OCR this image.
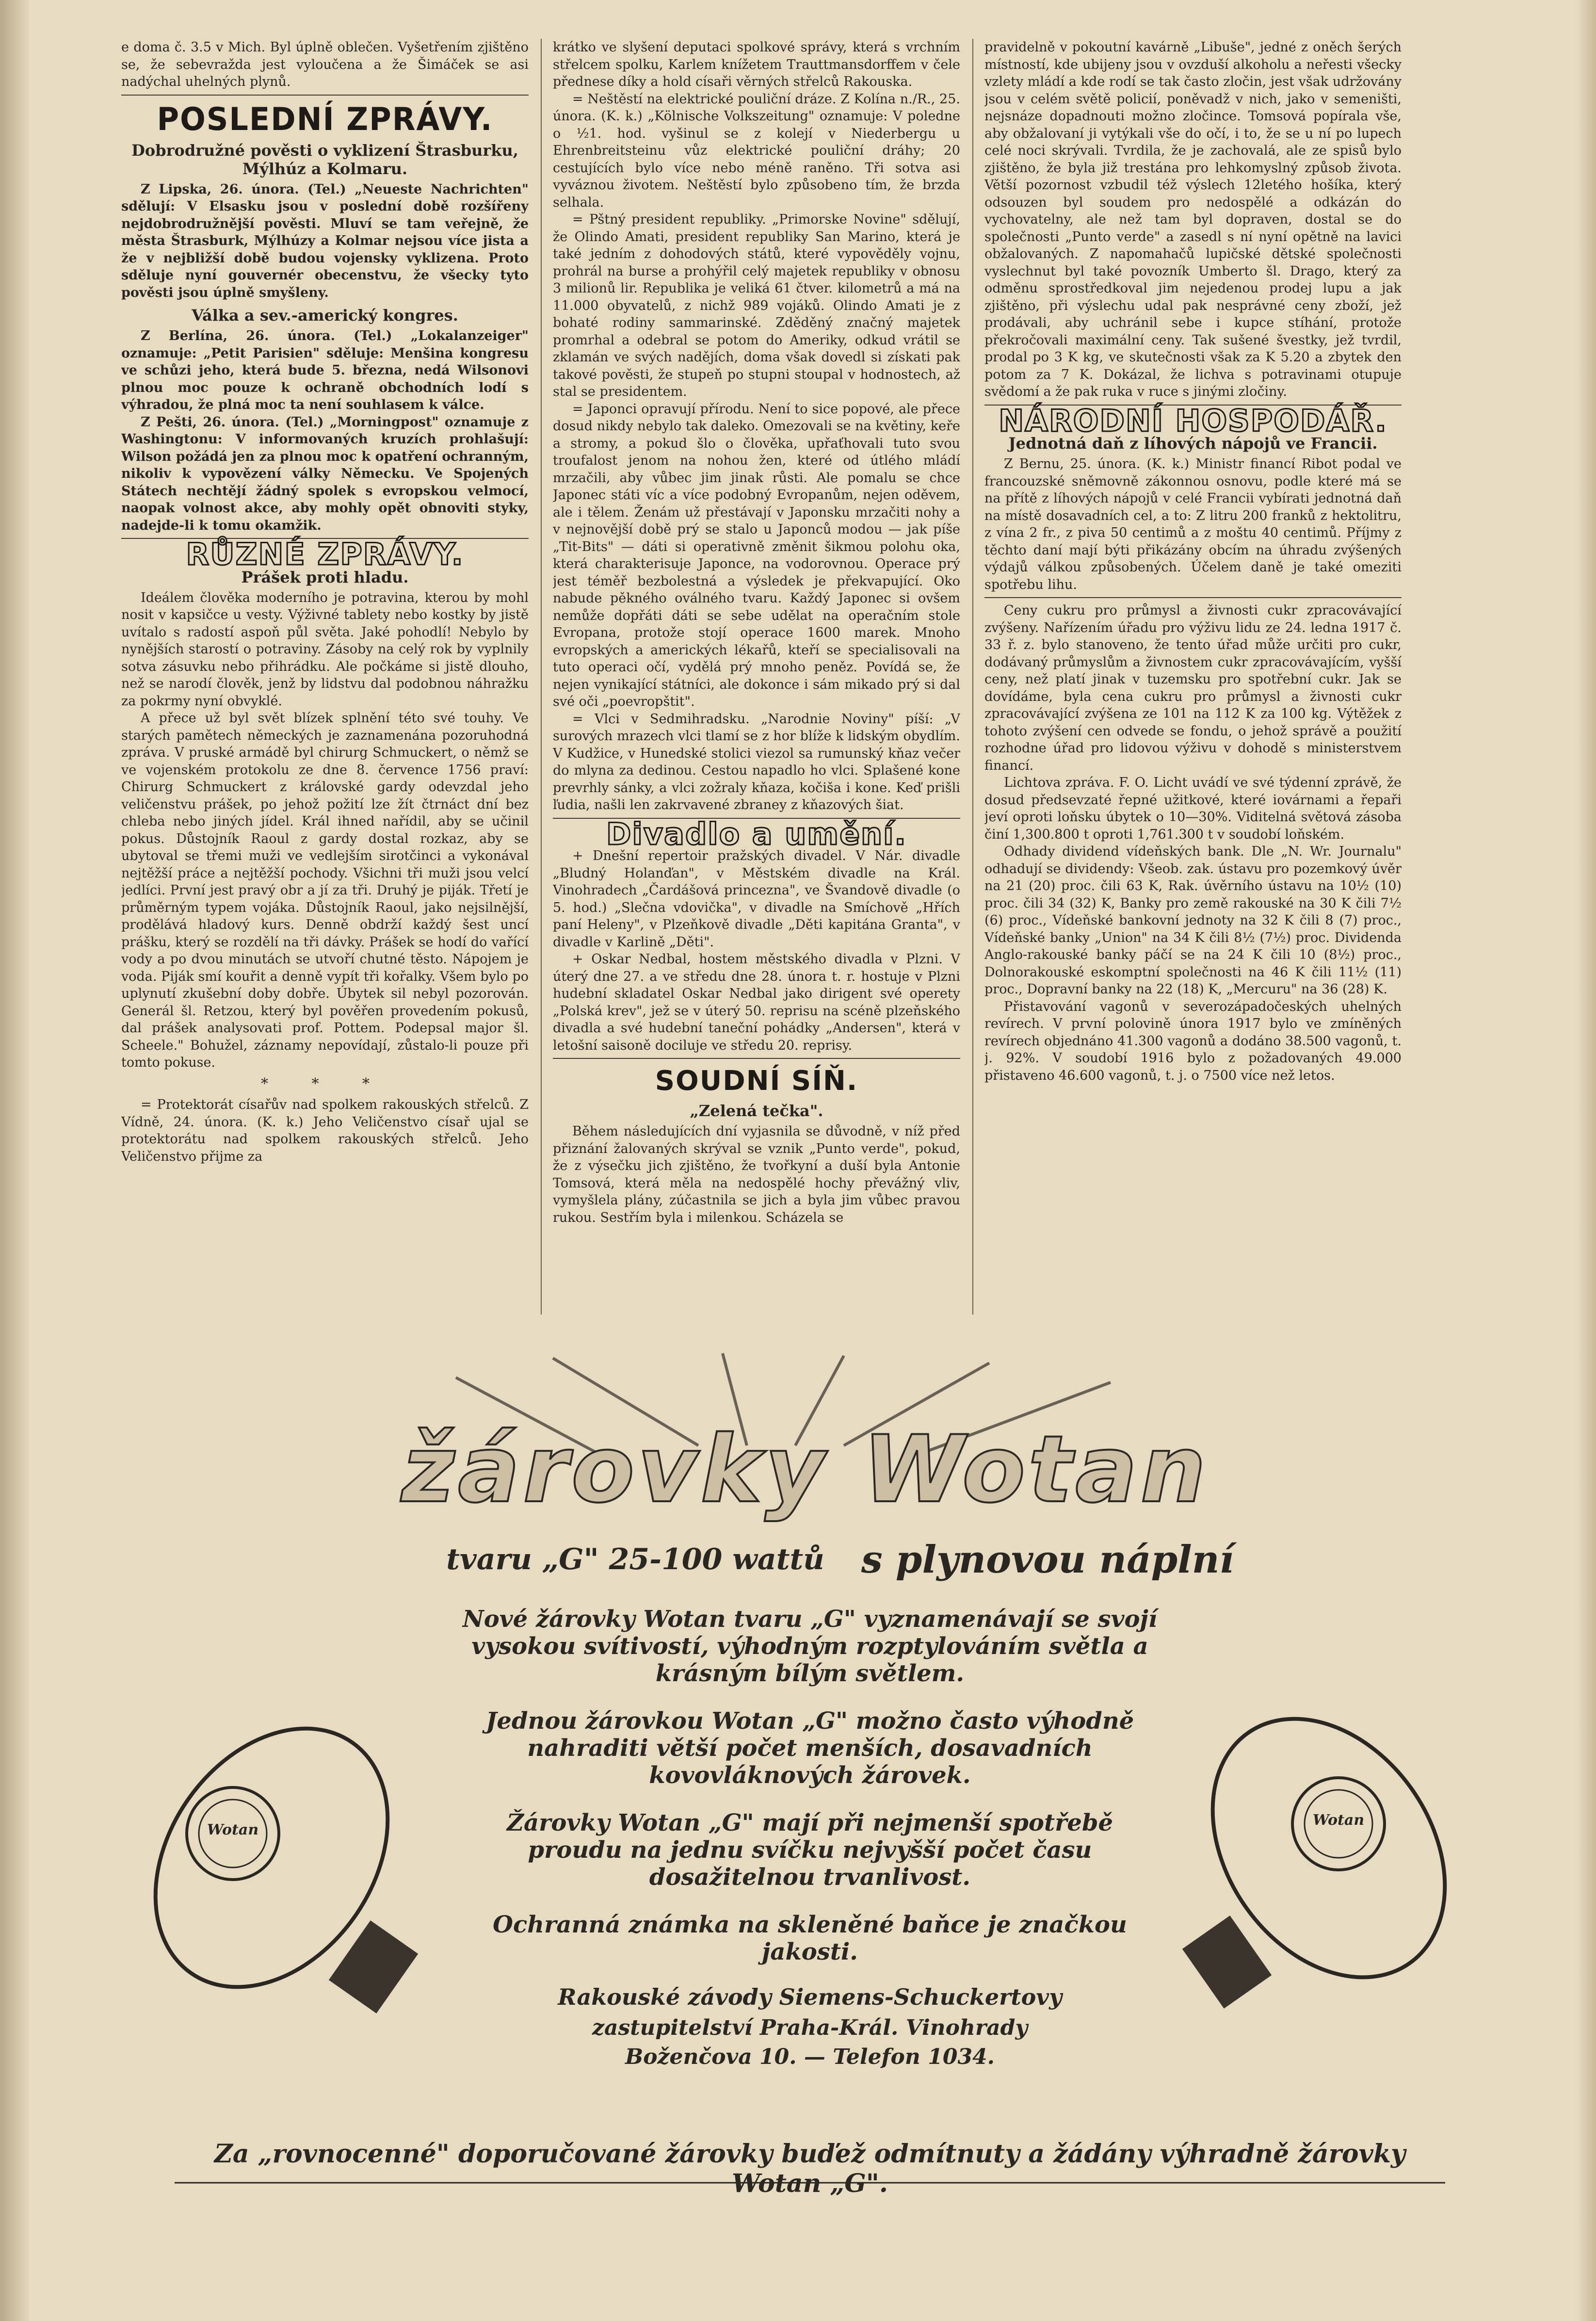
e doma č. 3.5 v Mich. Byl úplně oblečen. Vyšetřením zjištěno se, že sebevražda jest vyloučena a že Šimáček se asi nadýchal uhelných plynů.

POSLEDNÍ ZPRÁVY.
Dobrodružné pověsti o vyklizení Štrasburku, Mýlhúz a Kolmaru.

Z Lipska, 26. února. (Tel.) „Neueste Nachrichten" sdělují: V Elsasku jsou v poslední době rozšířeny nejdobrodružnější pověsti. Mluví se tam veřejně, že města Štrasburk, Mýlhúzy a Kolmar nejsou více jista a že v nejbližší době budou vojensky vyklizena. Proto sděluje nyní gouvernér obecenstvu, že všecky tyto pověsti jsou úplně smyšleny.

Válka a sev.-americký kongres.

Z Berlína, 26. února. (Tel.) „Lokalanzeiger" oznamuje: „Petit Parisien" sděluje: Menšina kongresu ve schůzi jeho, která bude 5. března, nedá Wilsonovi plnou moc pouze k ochraně obchodních lodí s výhradou, že plná moc ta není souhlasem k válce.

Z Pešti, 26. února. (Tel.) „Morningpost" oznamuje z Washingtonu: V informovaných kruzích prohlašují: Wilson požádá jen za plnou moc k opatření ochranným, nikoliv k vypovězení války Německu. Ve Spojených Státech nechtějí žádný spolek s evropskou velmocí, naopak volnost akce, aby mohly opět obnoviti styky, nadejde-li k tomu okamžik.

RŮZNÉ ZPRÁVY.
Prášek proti hladu.

Ideálem člověka moderního je potravina, kterou by mohl nosit v kapsičce u vesty. Výživné tablety nebo kostky by jistě uvítalo s radostí aspoň půl světa. Jaké pohodlí! Nebylo by nynějších starostí o potraviny. Zásoby na celý rok by vyplnily sotva zásuvku nebo přihrádku. Ale počkáme si jistě dlouho, než se narodí člověk, jenž by lidstvu dal podobnou náhražku za pokrmy nyní obvyklé.

A přece už byl svět blízek splnění této své touhy. Ve starých pamětech německých je zaznamenána pozoruhodná zpráva. V pruské armádě byl chirurg Schmuckert, o němž se ve vojenském protokolu ze dne 8. července 1756 praví: Chirurg Schmuckert z královské gardy odevzdal jeho veličenstvu prášek, po jehož požití lze žít čtrnáct dní bez chleba nebo jiných jídel. Král ihned nařídil, aby se učinil pokus. Důstojník Raoul z gardy dostal rozkaz, aby se ubytoval se třemi muži ve vedlejším sirotčinci a vykonával nejtěžší práce a nejtěžší pochody. Všichni tři muži jsou velcí jedlíci. První jest pravý obr a jí za tři. Druhý je piják. Třetí je průměrným typem vojáka. Důstojník Raoul, jako nejsilnější, prodělává hladový kurs. Denně obdrží každý šest uncí prášku, který se rozdělí na tři dávky. Prášek se hodí do vařící vody a po dvou minutách se utvoří chutné těsto. Nápojem je voda. Piják smí kouřit a denně vypít tři kořalky. Všem bylo po uplynutí zkušební doby dobře. Úbytek sil nebyl pozorován. Generál šl. Retzou, který byl pověřen provedením pokusů, dal prášek analysovati prof. Pottem. Podepsal major šl. Scheele." Bohužel, záznamy nepovídají, zůstalo-li pouze při tomto pokuse.

* * *

= Protektorát císařův nad spolkem rakouských střelců. Z Vídně, 24. února. (K. k.) Jeho Veličenstvo císař ujal se protektorátu nad spolkem rakouských střelců. Jeho Veličenstvo přijme za

krátko ve slyšení deputaci spolkové správy, která s vrchním střelcem spolku, Karlem knížetem Trauttmansdorffem v čele přednese díky a hold císaři věrných střelců Rakouska.

= Neštěstí na elektrické pouliční dráze. Z Kolína n./R., 25. února. (K. k.) „Kölnische Volkszeitung" oznamuje: V poledne o ½1. hod. vyšinul se z kolejí v Niederbergu u Ehrenbreitsteinu vůz elektrické pouliční dráhy; 20 cestujících bylo více nebo méně raněno. Tři sotva asi vyváznou životem. Neštěstí bylo způsobeno tím, že brzda selhala.

= Pštný president republiky. „Primorske Novine" sdělují, že Olindo Amati, president republiky San Marino, která je také jedním z dohodových států, které vypověděly vojnu, prohrál na burse a prohýřil celý majetek republiky v obnosu 3 milionů lir. Republika je veliká 61 čtver. kilometrů a má na 11.000 obyvatelů, z nichž 989 vojáků. Olindo Amati je z bohaté rodiny sammarinské. Zděděný značný majetek promrhal a odebral se potom do Ameriky, odkud vrátil se zklamán ve svých nadějích, doma však dovedl si získati pak takové pověsti, že stupeň po stupni stoupal v hodnostech, až stal se presidentem.

= Japonci opravují přírodu. Není to sice popové, ale přece dosud nikdy nebylo tak daleko. Omezovali se na květiny, keře a stromy, a pokud šlo o člověka, upřaťhovali tuto svou troufalost jenom na nohou žen, které od útlého mládí mrzačili, aby vůbec jim jinak růsti. Ale pomalu se chce Japonec státi víc a více podobný Evropanům, nejen oděvem, ale i tělem. Ženám už přestávají v Japonsku mrzačiti nohy a v nejnovější době prý se stalo u Japonců modou — jak píše „Tit-Bits" — dáti si operativně změnit šikmou polohu oka, která charakterisuje Japonce, na vodorovnou. Operace prý jest téměř bezbolestná a výsledek je překvapující. Oko nabude pěkného oválného tvaru. Každý Japonec si ovšem nemůže dopřáti dáti se sebe udělat na operačním stole Evropana, protože stojí operace 1600 marek. Mnoho evropských a amerických lékařů, kteří se specialisovali na tuto operaci očí, vydělá prý mnoho peněz. Povídá se, že nejen vynikající státníci, ale dokonce i sám mikado prý si dal své oči „poevropštit".

= Vlci v Sedmihradsku. „Narodnie Noviny" píší: „V surových mrazech vlci tlamí se z hor blíže k lidským obydlím. V Kudžice, v Hunedské stolici viezol sa rumunský kňaz večer do mlyna za dedinou. Cestou napadlo ho vlci. Splašené kone prevrhly sánky, a vlci zožraly kňaza, kočiša i kone. Keď prišli ľudia, našli len zakrvavené zbraney z kňazových šiat.

Divadlo a umění.

+ Dnešní repertoir pražských divadel. V Nár. divadle „Bludný Holanďan", v Městském divadle na Král. Vinohradech „Čardášová princezna", ve Švandově divadle (o 5. hod.) „Slečna vdovička", v divadle na Smíchově „Hřích paní Heleny", v Plzeňkově divadle „Děti kapitána Granta", v divadle v Karlině „Děti".

+ Oskar Nedbal, hostem městského divadla v Plzni. V úterý dne 27. a ve středu dne 28. února t. r. hostuje v Plzni hudební skladatel Oskar Nedbal jako dirigent své operety „Polská krev", jež se v úterý 50. reprisu na scéně plzeňského divadla a své hudební taneční pohádky „Andersen", která v letošní saisoně dociluje ve středu 20. reprisy.

SOUDNÍ SÍŇ.
„Zelená tečka".

Během následujících dní vyjasnila se důvodně, v níž před přiznání žalovaných skrýval se vznik „Punto verde", pokud, že z výsečku jich zjištěno, že tvořkyní a duší byla Antonie Tomsová, která měla na nedospělé hochy převážný vliv, vymyšlela plány, zúčastnila se jich a byla jim vůbec pravou rukou. Sestřím byla i milenkou. Scházela se

pravidelně v pokoutní kavárně „Libuše", jedné z oněch šerých místností, kde ubijeny jsou v ovzduší alkoholu a neřesti všecky vzlety mládí a kde rodí se tak často zločin, jest však udržovány jsou v celém světě policií, poněvadž v nich, jako v semeništi, nejsnáze dopadnouti možno zločince. Tomsová popírala vše, aby obžalovaní ji vytýkali vše do očí, i to, že se u ní po lupech celé noci skrývali. Tvrdila, že je zachovalá, ale ze spisů bylo zjištěno, že byla již trestána pro lehkomyslný způsob života. Větší pozornost vzbudil též výslech 12letého hošíka, který odsouzen byl soudem pro nedospělé a odkázán do vychovatelny, ale než tam byl dopraven, dostal se do společnosti „Punto verde" a zasedl s ní nyní opětně na lavici obžalovaných. Z napomahačů lupičské dětské společnosti vyslechnut byl také povozník Umberto šl. Drago, který za odměnu sprostředkoval jim nejedenou prodej lupu a jak zjištěno, při výslechu udal pak nesprávné ceny zboží, jež prodávali, aby uchránil sebe i kupce stíhání, protože překročovali maximální ceny. Tak sušené švestky, jež tvrdil, prodal po 3 K kg, ve skutečnosti však za K 5.20 a zbytek den potom za 7 K. Dokázal, že lichva s potravinami otupuje svědomí a že pak ruka v ruce s jinými zločiny.

NÁRODNÍ HOSPODÁŘ.
Jednotná daň z líhových nápojů ve Francii.

Z Bernu, 25. února. (K. k.) Ministr financí Ribot podal ve francouzské sněmovně zákonnou osnovu, podle které má se na přítě z líhových nápojů v celé Francii vybírati jednotná daň na místě dosavadních cel, a to: Z litru 200 franků z hektolitru, z vína 2 fr., z piva 50 centimů a z moštu 40 centimů. Příjmy z těchto daní mají býti přikázány obcím na úhradu zvýšených výdajů válkou způsobených. Účelem daně je také omeziti spotřebu lihu.

Ceny cukru pro průmysl a živnosti cukr zpracovávající zvýšeny. Nařízením úřadu pro výživu lidu ze 24. ledna 1917 č. 33 ř. z. bylo stanoveno, že tento úřad může určiti pro cukr, dodávaný průmyslům a živnostem cukr zpracovávajícím, vyšší ceny, než platí jinak v tuzemsku pro spotřební cukr. Jak se dovídáme, byla cena cukru pro průmysl a živnosti cukr zpracovávající zvýšena ze 101 na 112 K za 100 kg. Výtěžek z tohoto zvýšení cen odvede se fondu, o jehož správě a použití rozhodne úřad pro lidovou výživu v dohodě s ministerstvem financí.

Lichtova zpráva. F. O. Licht uvádí ve své týdenní zprávě, že dosud předsevzaté řepné užitkové, které iovárnami a řepaři jeví oproti loňsku úbytek o 10—30%. Viditelná světová zásoba činí 1,300.800 t oproti 1,761.300 t v soudobí loňském.

Odhady dividend vídeňských bank. Dle „N. Wr. Journalu" odhadují se dividendy: Všeob. zak. ústavu pro pozemkový úvěr na 21 (20) proc. čili 63 K, Rak. úvěrního ústavu na 10½ (10) proc. čili 34 (32) K, Banky pro země rakouské na 30 K čili 7½ (6) proc., Vídeňské bankovní jednoty na 32 K čili 8 (7) proc., Vídeňské banky „Union" na 34 K čili 8½ (7½) proc. Dividenda Anglo-rakouské banky páčí se na 24 K čili 10 (8½) proc., Dolnorakouské eskomptní společnosti na 46 K čili 11½ (11) proc., Dopravní banky na 22 (18) K, „Mercuru" na 36 (28) K.

Přistavování vagonů v severozápadočeských uhelných revírech. V první polovině února 1917 bylo ve zmíněných revírech objednáno 41.300 vagonů a dodáno 38.500 vagonů, t. j. 92%. V soudobí 1916 bylo z požadovaných 49.000 přistaveno 46.600 vagonů, t. j. o 7500 více než letos.

žárovky Wotan
tvaru „G" 25-100 wattů s plynovou náplní
Nové žárovky Wotan tvaru „G" vyznamenávají se svojí vysokou svítivostí, výhodným rozptylováním světla a krásným bílým světlem.
Jednou žárovkou Wotan „G" možno často výhodně nahraditi větší počet menších, dosavadních kovovláknových žárovek.
Žárovky Wotan „G" mají při nejmenší spotřebě proudu na jednu svíčku nejvyšší počet času dosažitelnou trvanlivost.
Ochranná známka na skleněné baňce je značkou jakosti.
Rakouské závody Siemens-Schuckertovy
zastupitelství Praha-Král. Vinohrady
Boženčova 10. — Telefon 1034.
Za „rovnocenné" doporučované žárovky buďež odmítnuty a žádány výhradně žárovky Wotan „G".
Wotan
Wotan
